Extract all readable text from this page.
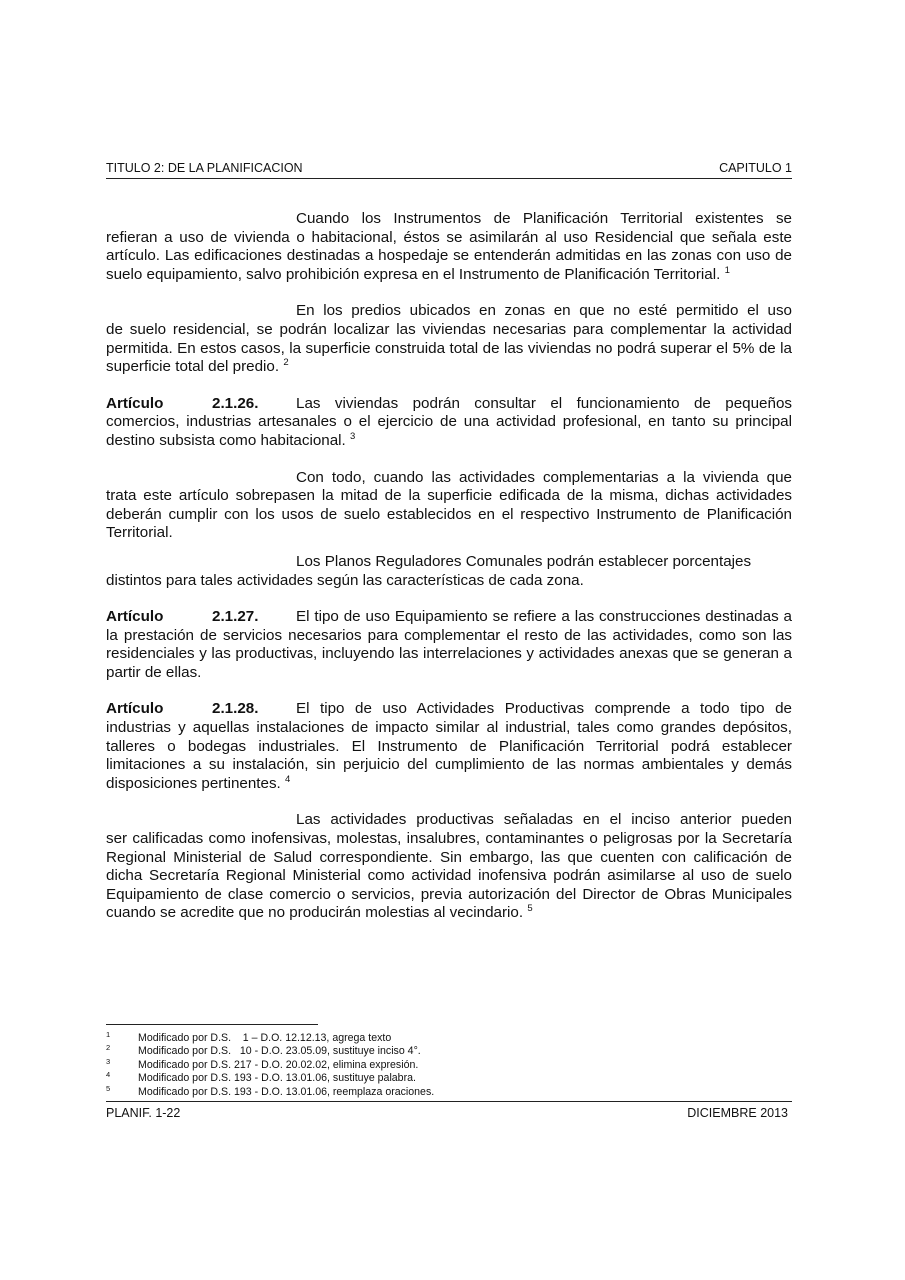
TITULO 2: DE LA PLANIFICACION	CAPITULO 1

Cuando los Instrumentos de Planificación Territorial existentes se
refieran a uso de vivienda o habitacional, éstos se asimilarán al uso Residencial que señala este artículo. Las edificaciones destinadas a hospedaje se entenderán admitidas en las zonas con uso de suelo equipamiento, salvo prohibición expresa en el Instrumento de Planificación Territorial. $^1$

En los predios ubicados en zonas en que no esté permitido el uso
de suelo residencial, se podrán localizar las viviendas necesarias para complementar la actividad permitida. En estos casos, la superficie construida total de las viviendas no podrá superar el 5% de la superficie total del predio. $^2$

Artículo	2.1.26. Las viviendas podrán consultar el funcionamiento de pequeños comercios, industrias artesanales o el ejercicio de una actividad profesional, en tanto su principal destino subsista como habitacional. $^3$

Con todo, cuando las actividades complementarias a la vivienda que
trata este artículo sobrepasen la mitad de la superficie edificada de la misma, dichas actividades deberán cumplir con los usos de suelo establecidos en el respectivo Instrumento de Planificación Territorial.

Los Planos Reguladores Comunales podrán establecer porcentajes
distintos para tales actividades según las características de cada zona.

Artículo	2.1.27. El tipo de uso Equipamiento se refiere a las construcciones destinadas a la prestación de servicios necesarios para complementar el resto de las actividades, como son las residenciales y las productivas, incluyendo las interrelaciones y actividades anexas que se generan a partir de ellas.

Artículo	2.1.28. El tipo de uso Actividades Productivas comprende a todo tipo de industrias y aquellas instalaciones de impacto similar al industrial, tales como grandes depósitos, talleres o bodegas industriales. El Instrumento de Planificación Territorial podrá establecer limitaciones a su instalación, sin perjuicio del cumplimiento de las normas ambientales y demás disposiciones pertinentes. $^4$

Las actividades productivas señaladas en el inciso anterior pueden
ser calificadas como inofensivas, molestas, insalubres, contaminantes o peligrosas por la Secretaría Regional Ministerial de Salud correspondiente. Sin embargo, las que cuenten con calificación de dicha Secretaría Regional Ministerial como actividad inofensiva podrán asimilarse al uso de suelo Equipamiento de clase comercio o servicios, previa autorización del Director de Obras Municipales cuando se acredite que no producirán molestias al vecindario. $^5$

1	Modificado por D.S.    1 – D.O. 12.12.13, agrega texto
2	Modificado por D.S.   10 - D.O. 23.05.09, sustituye inciso 4°.
3	Modificado por D.S. 217 - D.O. 20.02.02, elimina expresión.
4	Modificado por D.S. 193 - D.O. 13.01.06, sustituye palabra.
5	Modificado por D.S. 193 - D.O. 13.01.06, reemplaza oraciones.
PLANIF. 1-22	DICIEMBRE 2013
